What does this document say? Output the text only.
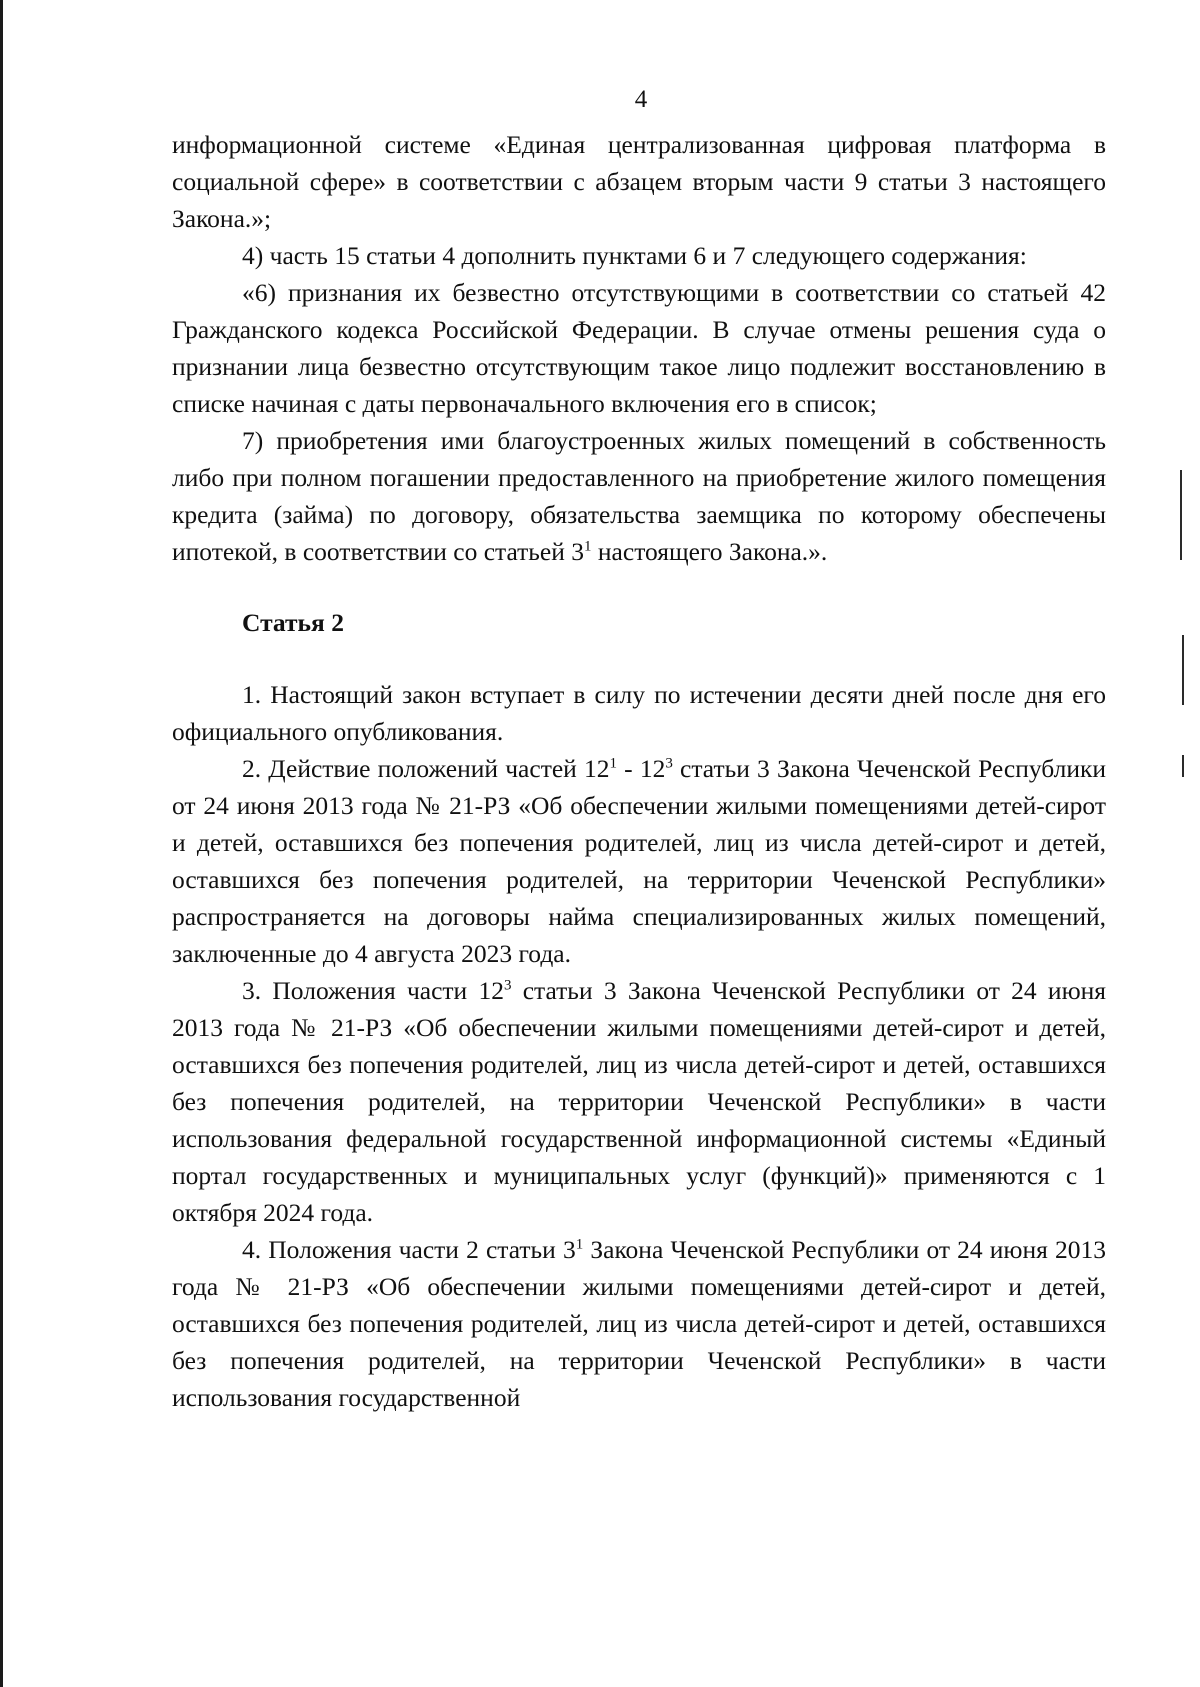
4

информационной системе «Единая централизованная цифровая платформа в социальной сфере» в соответствии с абзацем вторым части 9 статьи 3 настоящего Закона.»;

4) часть 15 статьи 4 дополнить пунктами 6 и 7 следующего содержания:

«6) признания их безвестно отсутствующими в соответствии со статьей 42 Гражданского кодекса Российской Федерации. В случае отмены решения суда о признании лица безвестно отсутствующим такое лицо подлежит восстановлению в списке начиная с даты первоначального включения его в список;

7) приобретения ими благоустроенных жилых помещений в собственность либо при полном погашении предоставленного на приобретение жилого помещения кредита (займа) по договору, обязательства заемщика по которому обеспечены ипотекой, в соответствии со статьей $3^1$ настоящего Закона.».

Статья 2

1. Настоящий закон вступает в силу по истечении десяти дней после дня его официального опубликования.

2. Действие положений частей $12^1 - 12^3$ статьи 3 Закона Чеченской Республики от 24 июня 2013 года № 21-РЗ «Об обеспечении жилыми помещениями детей-сирот и детей, оставшихся без попечения родителей, лиц из числа детей-сирот и детей, оставшихся без попечения родителей, на территории Чеченской Республики» распространяется на договоры найма специализированных жилых помещений, заключенные до 4 августа 2023 года.

3. Положения части $12^3$ статьи 3 Закона Чеченской Республики от 24 июня 2013 года № 21-РЗ «Об обеспечении жилыми помещениями детей-сирот и детей, оставшихся без попечения родителей, лиц из числа детей-сирот и детей, оставшихся без попечения родителей, на территории Чеченской Республики» в части использования федеральной государственной информационной системы «Единый портал государственных и муниципальных услуг (функций)» применяются с 1 октября 2024 года.

4. Положения части 2 статьи $3^1$ Закона Чеченской Республики от 24 июня 2013 года № 21-РЗ «Об обеспечении жилыми помещениями детей-сирот и детей, оставшихся без попечения родителей, лиц из числа детей-сирот и детей, оставшихся без попечения родителей, на территории Чеченской Республики» в части использования государственной
